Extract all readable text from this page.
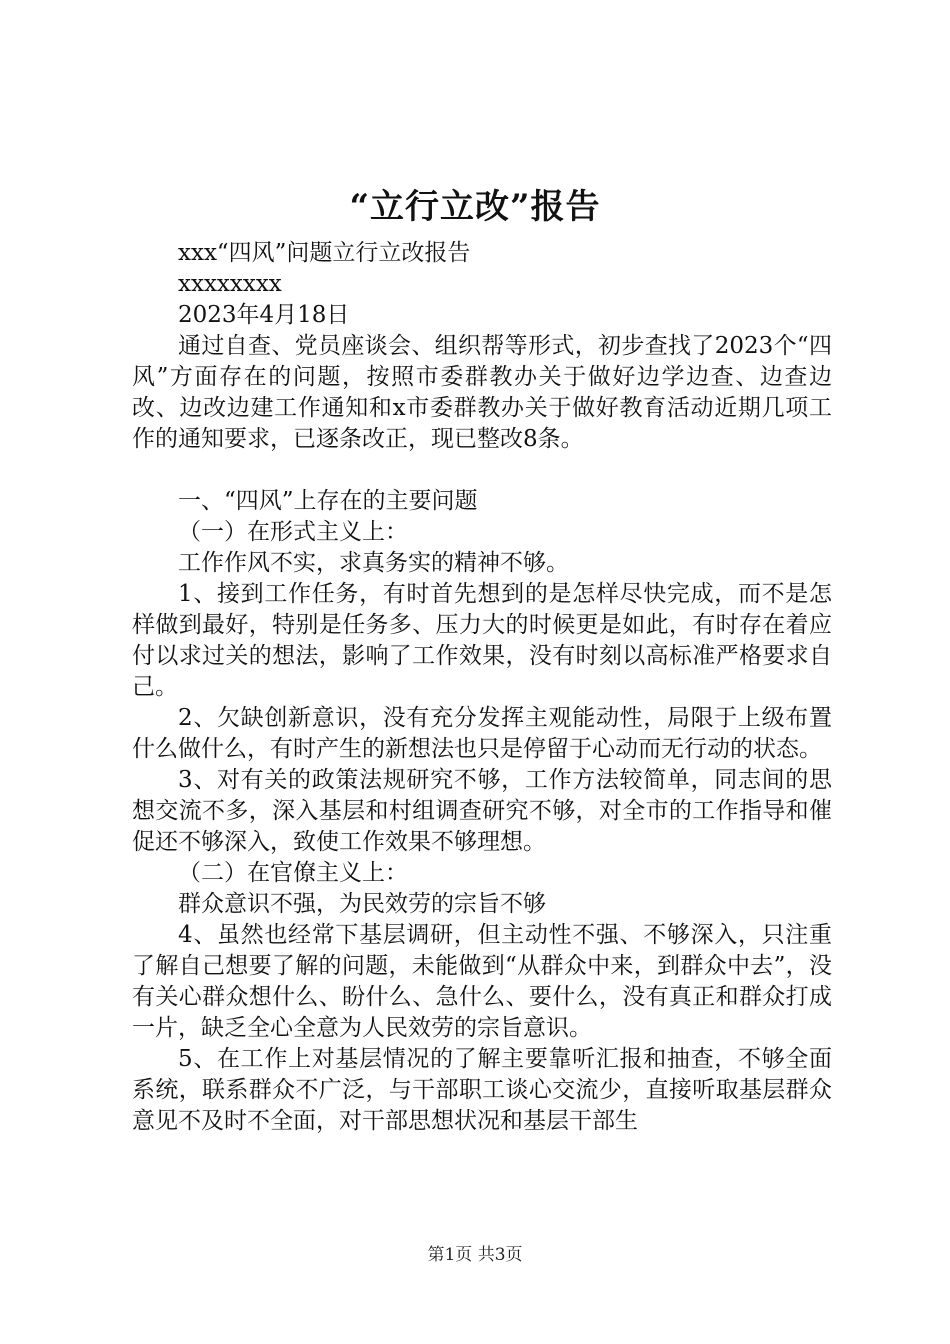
“立行立改”报告

xxx“四风”问题立行立改报告

xxxxxxxx

2023年4月18日

通过自查、党员座谈会、组织帮等形式，初步查找了2023个“四风”方面存在的问题，按照市委群教办关于做好边学边查、边查边改、边改边建工作通知和x市委群教办关于做好教育活动近期几项工作的通知要求，已逐条改正，现已整改8条。

一、“四风”上存在的主要问题

（一）在形式主义上：

工作作风不实，求真务实的精神不够。

1、接到工作任务，有时首先想到的是怎样尽快完成，而不是怎样做到最好，特别是任务多、压力大的时候更是如此，有时存在着应付以求过关的想法，影响了工作效果，没有时刻以高标准严格要求自己。

2、欠缺创新意识，没有充分发挥主观能动性，局限于上级布置什么做什么，有时产生的新想法也只是停留于心动而无行动的状态。

3、对有关的政策法规研究不够，工作方法较简单，同志间的思想交流不多，深入基层和村组调查研究不够，对全市的工作指导和催促还不够深入，致使工作效果不够理想。

（二）在官僚主义上：

群众意识不强，为民效劳的宗旨不够

4、虽然也经常下基层调研，但主动性不强、不够深入，只注重了解自己想要了解的问题，未能做到“从群众中来，到群众中去”，没有关心群众想什么、盼什么、急什么、要什么，没有真正和群众打成一片，缺乏全心全意为人民效劳的宗旨意识。

5、在工作上对基层情况的了解主要靠听汇报和抽查，不够全面系统，联系群众不广泛，与干部职工谈心交流少，直接听取基层群众意见不及时不全面，对干部思想状况和基层干部生

第1页 共3页
